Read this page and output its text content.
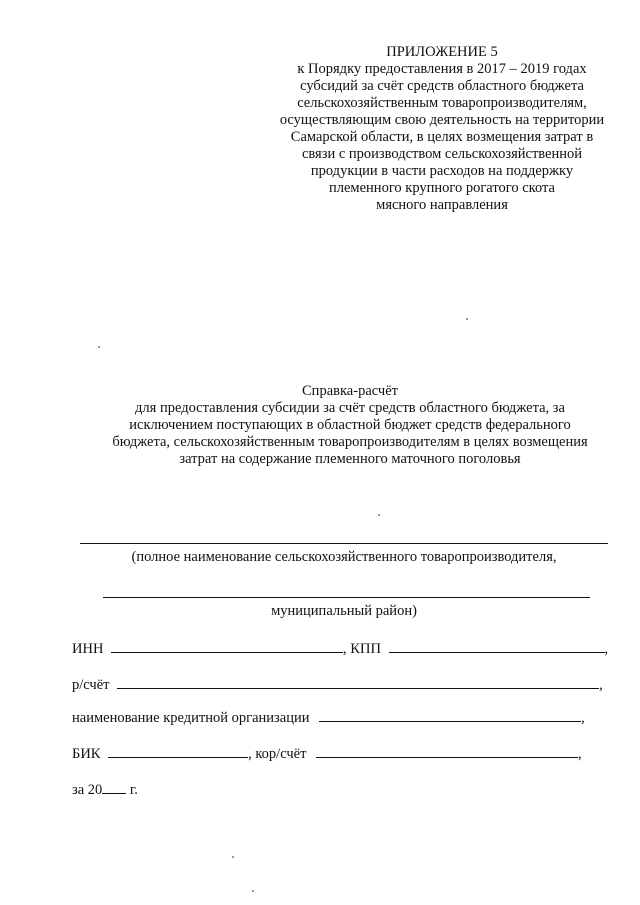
ПРИЛОЖЕНИЕ 5
к Порядку предоставления в 2017 – 2019 годах
субсидий за счёт средств областного бюджета
сельскохозяйственным товаропроизводителям,
осуществляющим свою деятельность на территории
Самарской области, в целях возмещения затрат в
связи с производством сельскохозяйственной
продукции в части расходов на поддержку
племенного крупного рогатого скота
мясного направления
Справка-расчёт
для предоставления субсидии за счёт средств областного бюджета, за
исключением поступающих в областной бюджет средств федерального
бюджета, сельскохозяйственным товаропроизводителям в целях возмещения
затрат на содержание племенного маточного поголовья
(полное наименование сельскохозяйственного товаропроизводителя,
муниципальный район)
ИНН	, КПП	,
р/счёт	,
наименование кредитной организации	,
БИК	, кор/счёт	,
за 20 г.
